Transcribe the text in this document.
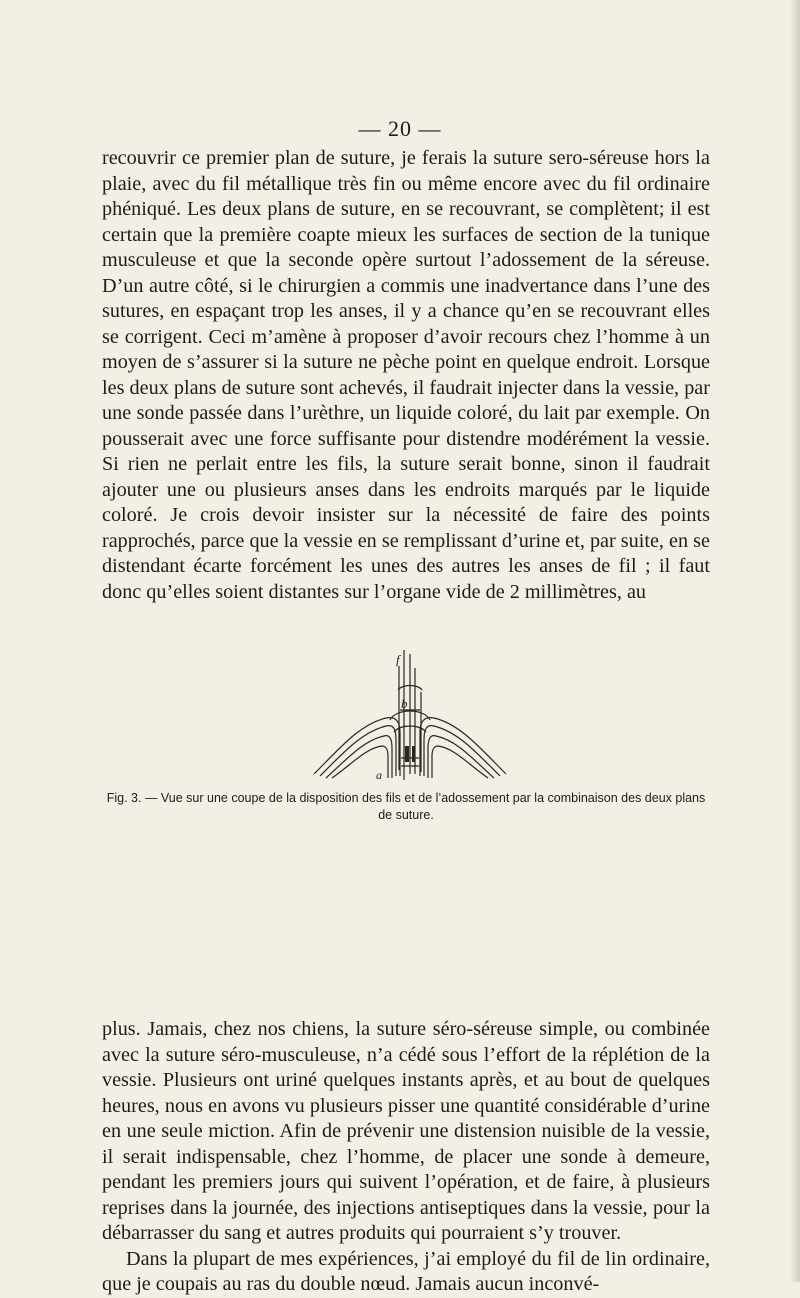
— 20 —

recouvrir ce premier plan de suture, je ferais la suture sero-séreuse hors la plaie, avec du fil métallique très fin ou même encore avec du fil ordinaire phéniqué. Les deux plans de suture, en se recouvrant, se complètent; il est certain que la première coapte mieux les surfaces de section de la tunique musculeuse et que la seconde opère surtout l’adossement de la séreuse. D’un autre côté, si le chirurgien a commis une inadvertance dans l’une des sutures, en espaçant trop les anses, il y a chance qu’en se recouvrant elles se corrigent. Ceci m’amène à proposer d’avoir recours chez l’homme à un moyen de s’assurer si la suture ne pèche point en quelque endroit. Lorsque les deux plans de suture sont achevés, il faudrait injecter dans la vessie, par une sonde passée dans l’urèthre, un liquide coloré, du lait par exemple. On pousserait avec une force suffisante pour distendre modérément la vessie. Si rien ne perlait entre les fils, la suture serait bonne, sinon il faudrait ajouter une ou plusieurs anses dans les endroits marqués par le liquide coloré. Je crois devoir insister sur la nécessité de faire des points rapprochés, parce que la vessie en se remplissant d’urine et, par suite, en se distendant écarte forcément les unes des autres les anses de fil ; il faut donc qu’elles soient distantes sur l’organe vide de 2 millimètres, au

f
b
a
Fig. 3. — Vue sur une coupe de la disposition des fils et de l’adossement par la combinaison des deux plans de suture.

plus. Jamais, chez nos chiens, la suture séro-séreuse simple, ou combinée avec la suture séro-musculeuse, n’a cédé sous l’effort de la réplétion de la vessie. Plusieurs ont uriné quelques instants après, et au bout de quelques heures, nous en avons vu plusieurs pisser une quantité considérable d’urine en une seule miction. Afin de prévenir une distension nuisible de la vessie, il serait indispensable, chez l’homme, de placer une sonde à demeure, pendant les premiers jours qui suivent l’opération, et de faire, à plusieurs reprises dans la journée, des injections antiseptiques dans la vessie, pour la débarrasser du sang et autres produits qui pourraient s’y trouver.

Dans la plupart de mes expériences, j’ai employé du fil de lin ordinaire, que je coupais au ras du double nœud. Jamais aucun inconvé-
